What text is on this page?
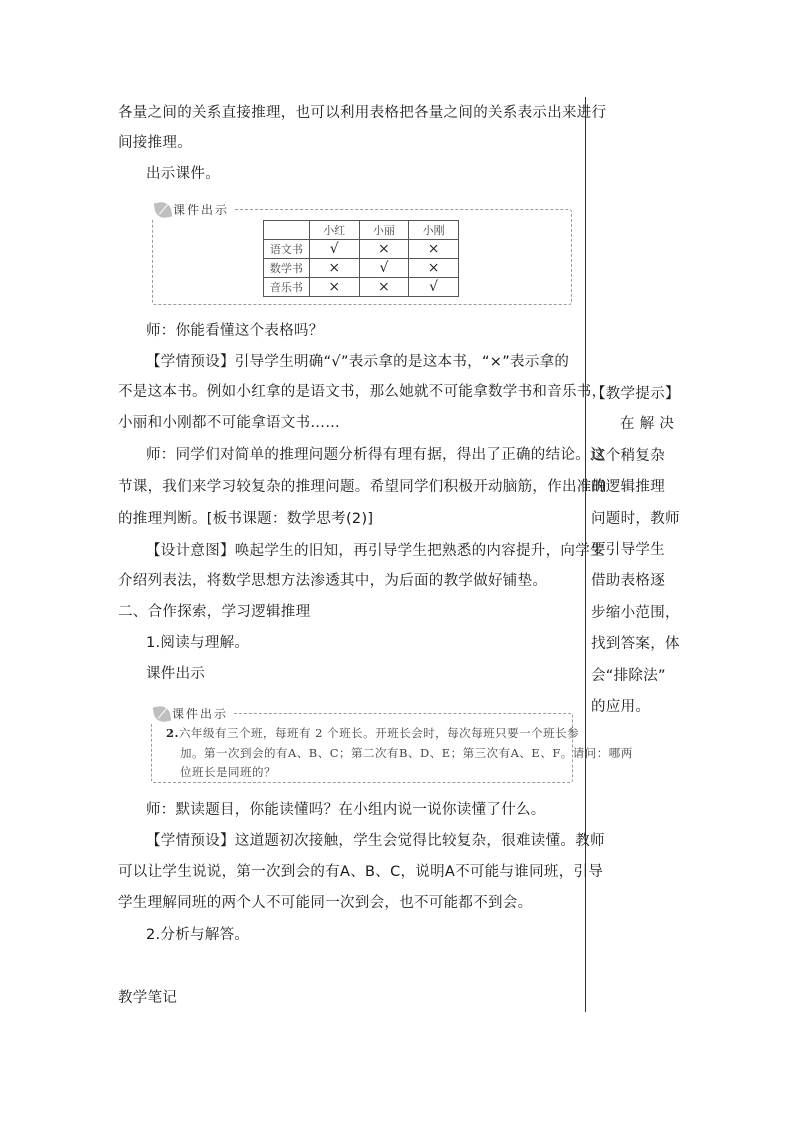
各量之间的关系直接推理，也可以利用表格把各量之间的关系表示出来进行
间接推理。
出示课件。
课件出示
	小红	小丽	小刚
语文书	√	×	×
数学书	×	√	×
音乐书	×	×	√
师：你能看懂这个表格吗？
【学情预设】引导学生明确“√”表示拿的是这本书，“×”表示拿的
不是这本书。例如小红拿的是语文书，那么她就不可能拿数学书和音乐书，
小丽和小刚都不可能拿语文书……
师：同学们对简单的推理问题分析得有理有据，得出了正确的结论。这
节课，我们来学习较复杂的推理问题。希望同学们积极开动脑筋，作出准确
的推理判断。[板书课题：数学思考(2)]
【设计意图】唤起学生的旧知，再引导学生把熟悉的内容提升，向学生
介绍列表法，将数学思想方法渗透其中，为后面的教学做好铺垫。
二、合作探索，学习逻辑推理
1.阅读与理解。
课件出示
课件出示
2.六年级有三个班，每班有 2 个班长。开班长会时，每次每班只要一个班长参
加。第一次到会的有A、B、C；第二次有B、D、E；第三次有A、E、F。请问：哪两
位班长是同班的？
师：默读题目，你能读懂吗？在小组内说一说你读懂了什么。
【学情预设】这道题初次接触，学生会觉得比较复杂，很难读懂。教师
可以让学生说说，第一次到会的有A、B、C，说明A不可能与谁同班，引导
学生理解同班的两个人不可能同一次到会，也不可能都不到会。
2.分析与解答。
教学笔记
【教学提示】
在 解 决
这个稍复杂
的逻辑推理
问题时，教师
要引导学生
借助表格逐
步缩小范围，
找到答案，体
会“排除法”
的应用。
